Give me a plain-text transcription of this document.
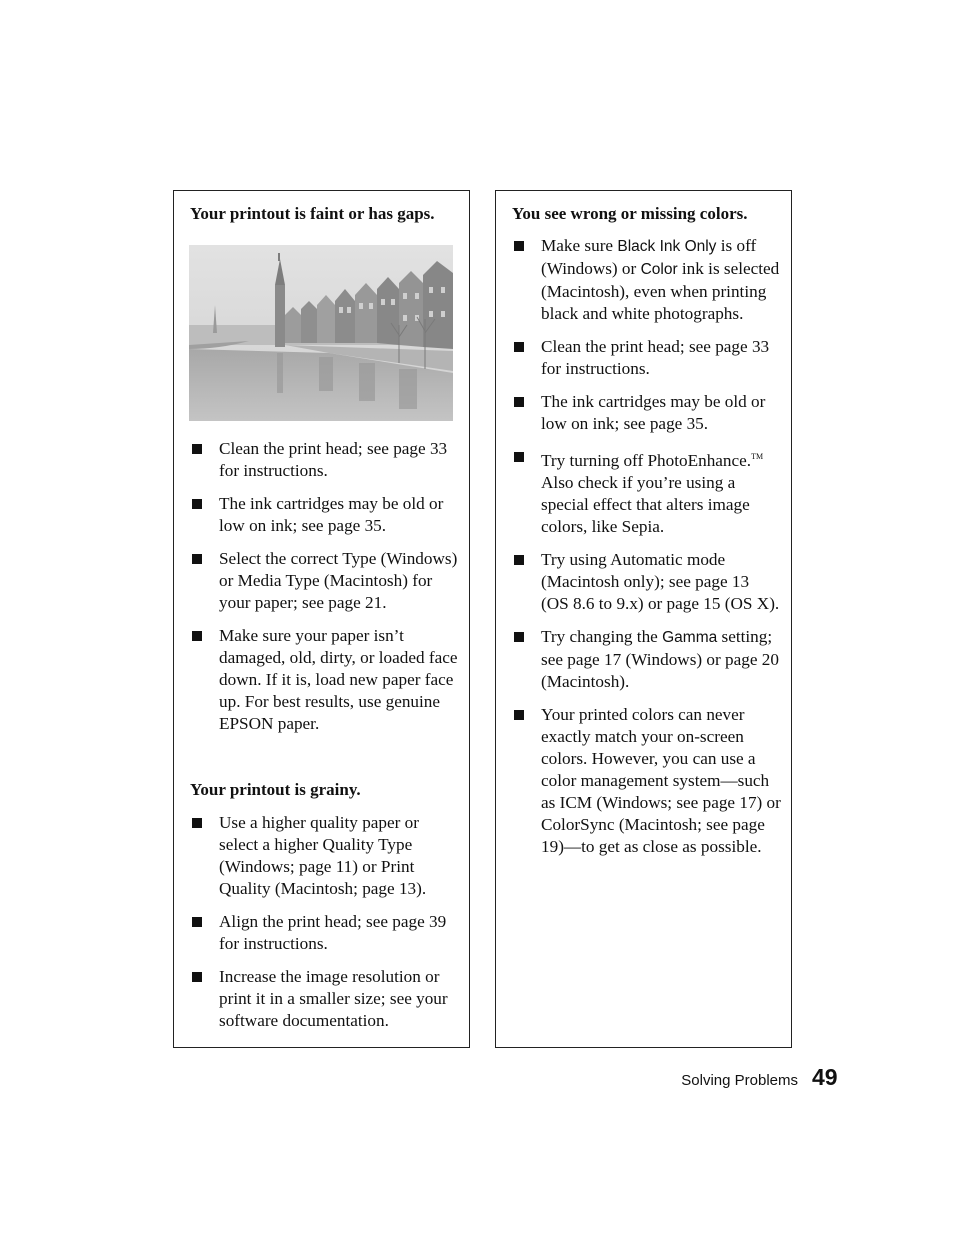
Your printout is faint or has gaps.

Clean the print head; see page 33 for instructions.
The ink cartridges may be old or low on ink; see page 35.
Select the correct Type (Windows) or Media Type (Macintosh) for your paper; see page 21.
Make sure your paper isn’t damaged, old, dirty, or loaded face down. If it is, load new paper face up. For best results, use genuine EPSON paper.

Your printout is grainy.

Use a higher quality paper or select a higher Quality Type (Windows; page 11) or Print Quality (Macintosh; page 13).
Align the print head; see page 39 for instructions.
Increase the image resolution or print it in a smaller size; see your software documentation.

You see wrong or missing colors.

Make sure Black Ink Only is off (Windows) or Color ink is selected (Macintosh), even when printing black and white photographs.
Clean the print head; see page 33 for instructions.
The ink cartridges may be old or low on ink; see page 35.
Try turning off PhotoEnhance.™ Also check if you’re using a special effect that alters image colors, like Sepia.
Try using Automatic mode (Macintosh only); see page 13 (OS 8.6 to 9.x) or page 15 (OS X).
Try changing the Gamma setting; see page 17 (Windows) or page 20 (Macintosh).
Your printed colors can never exactly match your on-screen colors. However, you can use a color management system—such as ICM (Windows; see page 17) or ColorSync (Macintosh; see page 19)—to get as close as possible.
Solving Problems 49
